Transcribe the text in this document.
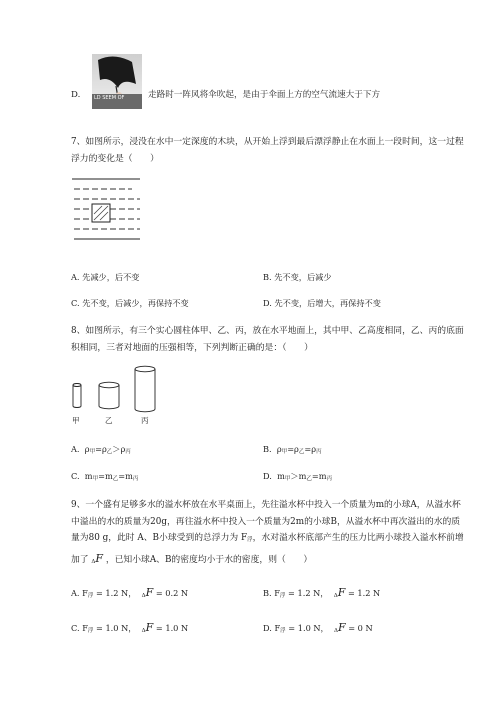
D.	LD SEEM OF	走路时一阵风将伞吹起，是由于伞面上方的空气流速大于下方
7、如图所示，浸没在水中一定深度的木块，从开始上浮到最后漂浮静止在水面上一段时间，这一过程
浮力的变化是（　　）
A. 先减少，后不变	B. 先不变，后减少
C. 先不变，后减少，再保持不变	D. 先不变，后增大，再保持不变
8、如图所示，有三个实心圆柱体甲、乙、丙，放在水平地面上，其中甲、乙高度相同，乙、丙的底面
积相同，三者对地面的压强相等，下列判断正确的是：（　　）
甲	乙	丙
A. ρ甲=ρ乙＞ρ丙	B. ρ甲=ρ乙=ρ丙
C. m甲=m乙=m丙	D. m甲＞m乙=m丙
9、一个盛有足够多水的溢水杯放在水平桌面上，先往溢水杯中投入一个质量为m的小球A，从溢水杯
中溢出的水的质量为20g，再往溢水杯中投入一个质量为2m的小球B，从溢水杯中再次溢出的水的质
量为80 g，此时 A、B小球受到的总浮力为 F浮，水对溢水杯底部产生的压力比两小球投入溢水杯前增
加了 ΔF ，已知小球A、B的密度均小于水的密度，则（　　）
A. F浮 = 1.2 N， ΔF = 0.2 N	B. F浮 = 1.2 N， ΔF = 1.2 N
C. F浮 = 1.0 N， ΔF = 1.0 N	D. F浮 = 1.0 N， ΔF = 0 N
